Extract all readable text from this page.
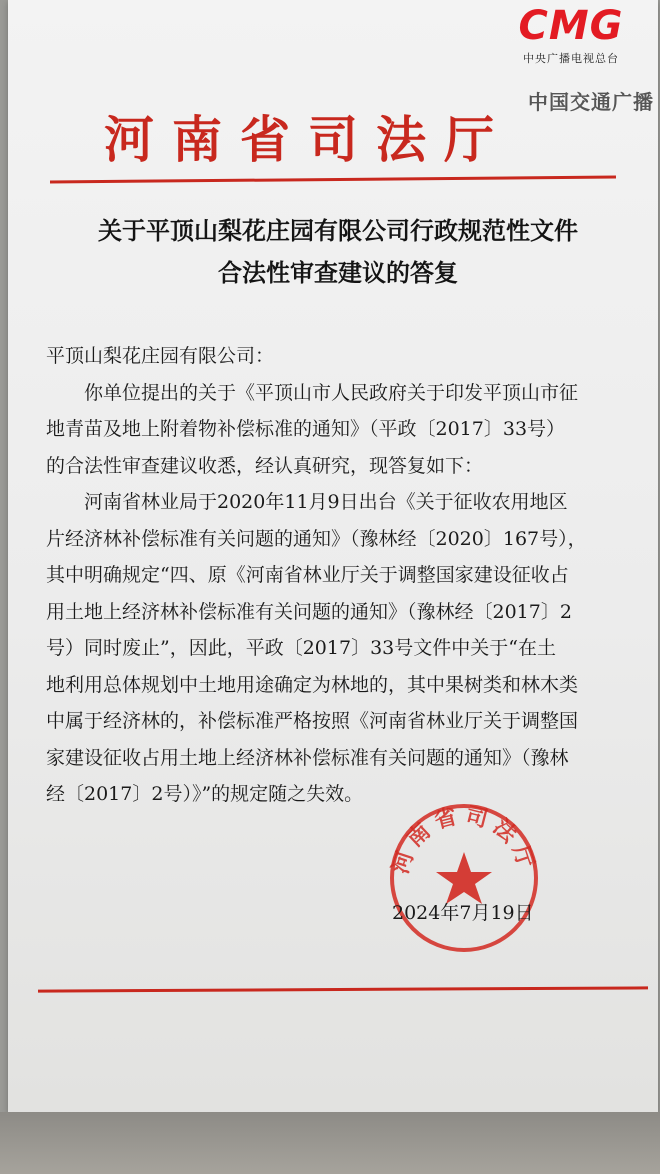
CMG
中央广播电视总台
中国交通广播
河南省司法厅
关于平顶山梨花庄园有限公司行政规范性文件
合法性审查建议的答复

平顶山梨花庄园有限公司：

你单位提出的关于《平顶山市人民政府关于印发平顶山市征

地青苗及地上附着物补偿标准的通知》（平政〔2017〕33号）

的合法性审查建议收悉，经认真研究，现答复如下：

河南省林业局于2020年11月9日出台《关于征收农用地区

片经济林补偿标准有关问题的通知》（豫林经〔2020〕167号），

其中明确规定“四、原《河南省林业厅关于调整国家建设征收占

用土地上经济林补偿标准有关问题的通知》（豫林经〔2017〕2

号）同时废止”，因此，平政〔2017〕33号文件中关于“在土

地利用总体规划中土地用途确定为林地的，其中果树类和林木类

中属于经济林的，补偿标准严格按照《河南省林业厅关于调整国

家建设征收占用土地上经济林补偿标准有关问题的通知》（豫林

经〔2017〕2号）》”的规定随之失效。

河南省司法厅
2024年7月19日
